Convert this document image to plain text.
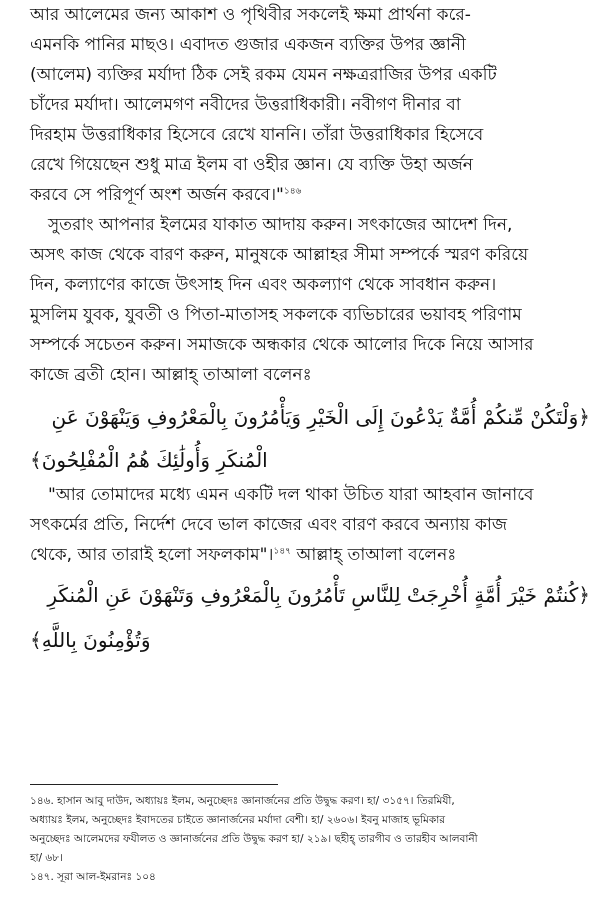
আর আলেমের জন্য আকাশ ও পৃথিবীর সকলেই ক্ষমা প্রার্থনা করে-
এমনকি পানির মাছও। এবাদত গুজার একজন ব্যক্তির উপর জ্ঞানী
(আলেম) ব্যক্তির মর্যাদা ঠিক সেই রকম যেমন নক্ষত্ররাজির উপর একটি
চাঁদের মর্যাদা। আলেমগণ নবীদের উত্তরাধিকারী। নবীগণ দীনার বা
দিরহাম উত্তরাধিকার হিসেবে রেখে যাননি। তাঁরা উত্তরাধিকার হিসেবে
রেখে গিয়েছেন শুধু মাত্র ইলম বা ওহীর জ্ঞান। যে ব্যক্তি উহা অর্জন
করবে সে পরিপূর্ণ অংশ অর্জন করবে।"$^{১৪৬}$
সুতরাং আপনার ইলমের যাকাত আদায় করুন। সৎকাজের আদেশ দিন,
অসৎ কাজ থেকে বারণ করুন, মানুষকে আল্লাহর সীমা সম্পর্কে স্মরণ করিয়ে
দিন, কল্যাণের কাজে উৎসাহ দিন এবং অকল্যাণ থেকে সাবধান করুন।
মুসলিম যুবক, যুবতী ও পিতা-মাতাসহ সকলকে ব্যভিচারের ভয়াবহ পরিণাম
সম্পর্কে সচেতন করুন। সমাজকে অন্ধকার থেকে আলোর দিকে নিয়ে আসার
কাজে ব্রতী হোন। আল্লাহ্ তাআলা বলেনঃ
﴿وَلْتَكُنْ مِّنكُمْ أُمَّةٌ يَدْعُونَ إِلَى الْخَيْرِ وَيَأْمُرُونَ بِالْمَعْرُوفِ وَيَنْهَوْنَ عَنِ
الْمُنكَرِ وَأُولَٰئِكَ هُمُ الْمُفْلِحُونَ﴾
"আর তোমাদের মধ্যে এমন একটি দল থাকা উচিত যারা আহবান জানাবে
সৎকর্মের প্রতি, নির্দেশ দেবে ভাল কাজের এবং বারণ করবে অন্যায় কাজ
থেকে, আর তারাই হলো সফলকাম"।$^{১৪৭}$ আল্লাহ্ তাআলা বলেনঃ
﴿كُنتُمْ خَيْرَ أُمَّةٍ أُخْرِجَتْ لِلنَّاسِ تَأْمُرُونَ بِالْمَعْرُوفِ وَتَنْهَوْنَ عَنِ الْمُنكَرِ
وَتُؤْمِنُونَ بِاللَّهِ﴾
১৪৬. হাসান আবু দাউদ, অধ্যায়ঃ ইলম, অনুচ্ছেদঃ জ্ঞানার্জনের প্রতি উদ্বুদ্ধ করণ। হা/ ৩১৫৭। তিরমিযী,
অধ্যায়ঃ ইলম, অনুচ্ছেদঃ ইবাদতের চাইতে জ্ঞানার্জনের মর্যাদা বেশী। হা/ ২৬০৬। ইবনু মাজাহ ভূমিকার
অনুচ্ছেদঃ আলেমদের ফযীলত ও জ্ঞানার্জনের প্রতি উদ্বুদ্ধ করণ হা/ ২১৯। ছহীহ্ তারগীব ও তারহীব আলবানী
হা/ ৬৮।
১৪৭. সূরা আল-ইমরানঃ ১০৪
